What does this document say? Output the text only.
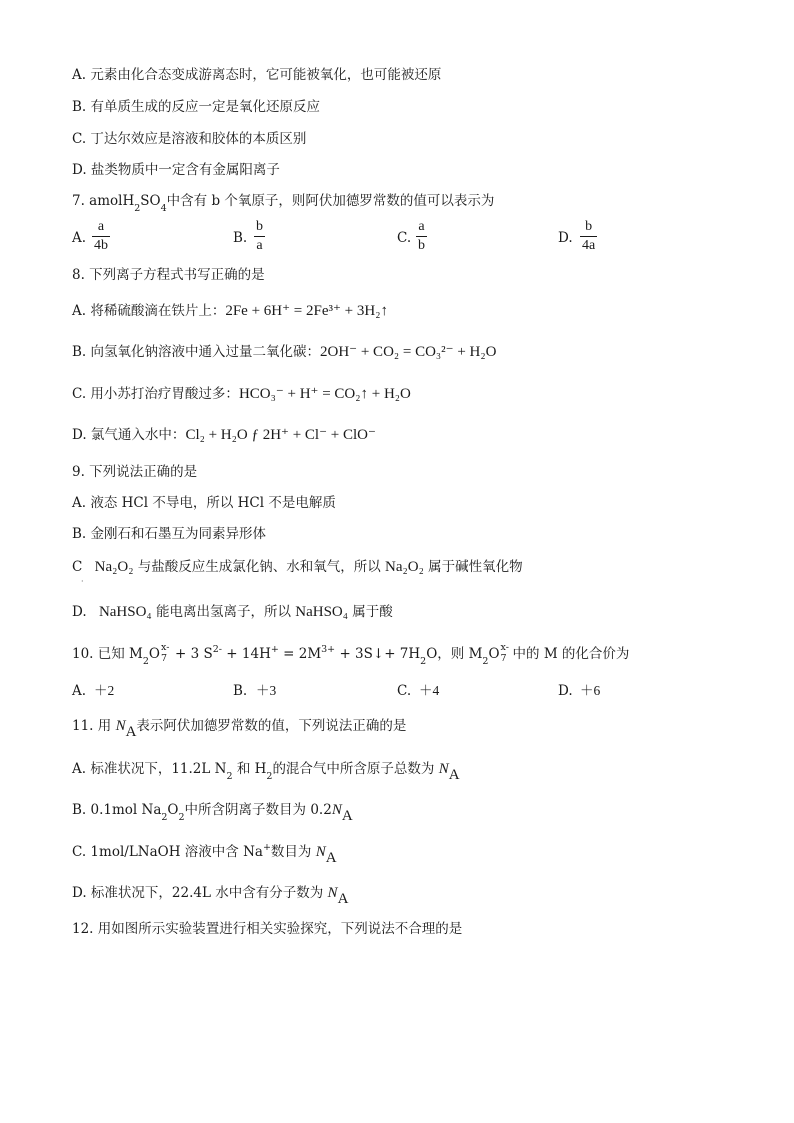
A. 元素由化合态变成游离态时，它可能被氧化，也可能被还原
B. 有单质生成的反应一定是氧化还原反应
C. 丁达尔效应是溶液和胶体的本质区别
D. 盐类物质中一定含有金属阳离子
7. $amolH_2SO_4$中含有 b 个氧原子，则阿伏加德罗常数的值可以表示为
A.
a
4b	B.
b
a	C.
a
b	D.
b
4a
8. 下列离子方程式书写正确的是
A. 将稀硫酸滴在铁片上：2Fe + 6H⁺ = 2Fe³⁺ + 3H₂↑
B. 向氢氧化钠溶液中通入过量二氧化碳：2OH⁻ + CO₂ = CO₃²⁻ + H₂O
C. 用小苏打治疗胃酸过多：HCO₃⁻ + H⁺ = CO₂↑ + H₂O
D. 氯气通入水中：Cl₂ + H₂O ƒ 2H⁺ + Cl⁻ + ClO⁻
9. 下列说法正确的是
A. 液态 HCl 不导电，所以 HCl 不是电解质
B. 金刚石和石墨互为同素异形体
C Na₂O₂ 与盐酸反应生成氯化钠、水和氧气，所以 Na₂O₂ 属于碱性氧化物
·
D. NaHSO₄ 能电离出氢离子，所以 NaHSO₄ 属于酸
10. 已知 $M_2O$ x-
7 + 3 $S^{2-} + 14H^+ = 2M^{3+}$ + 3S↓+ $7H_2O$，则 $M_2O$ x-
7 中的 M 的化合价为
A. ＋2	B. ＋3	C. ＋4	D. ＋6
11. 用 $N_A$表示阿伏加德罗常数的值，下列说法正确的是
A. 标准状况下，11.2L $N_2$ 和 $H_2$的混合气中所含原子总数为 $N_A$
B. 0.1mol $Na_2O_2$中所含阴离子数目为 $0.2N_A$
C. 1mol/LNaOH 溶液中含 Na+数目为 $N_A$
D. 标准状况下，22.4L 水中含有分子数为 $N_A$
12. 用如图所示实验装置进行相关实验探究，下列说法不合理的是
